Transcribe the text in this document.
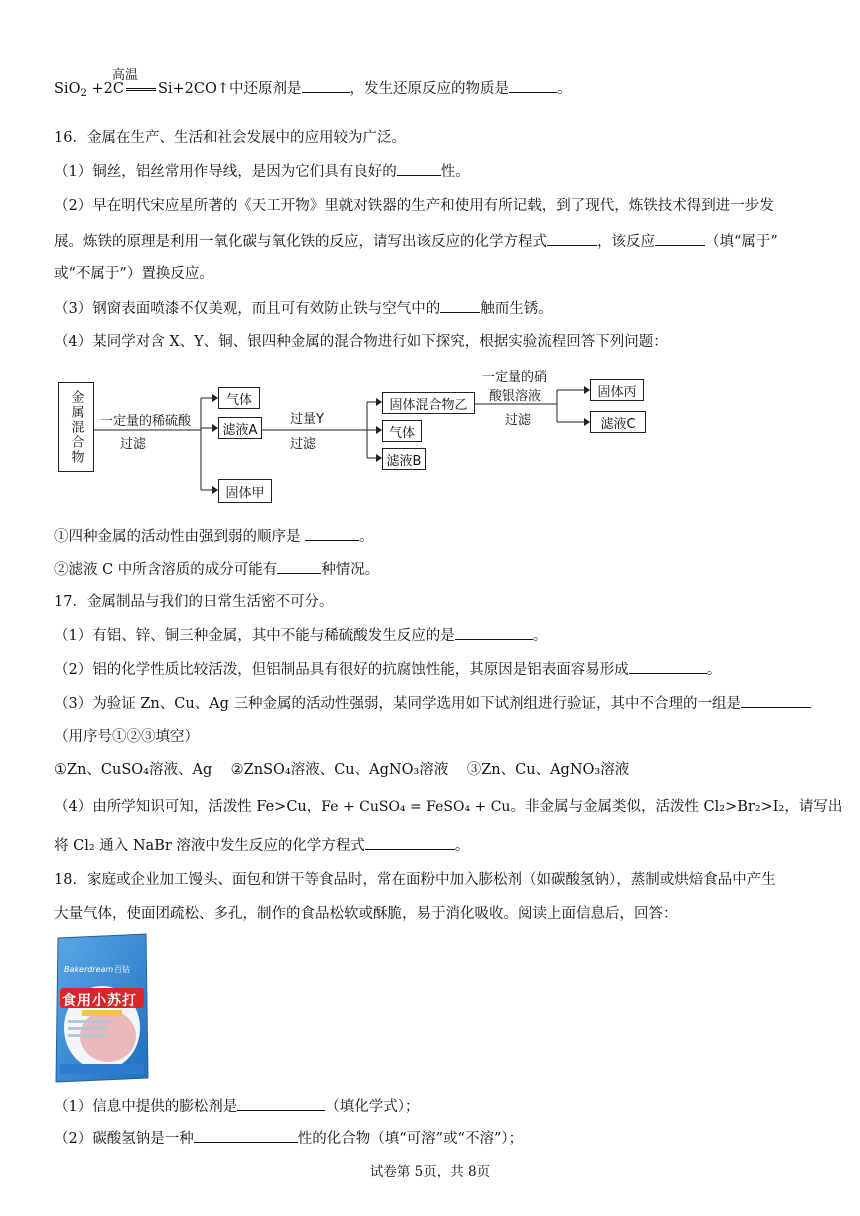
SiO$_2$ +2C Si+2CO↑中还原剂是	，发生还原反应的物质是	。
高温
16．金属在生产、生活和社会发展中的应用较为广泛。
（1）铜丝，铝丝常用作导线，是因为它们具有良好的	性。
（2）早在明代宋应星所著的《天工开物》里就对铁器的生产和使用有所记载，到了现代，炼铁技术得到进一步发
展。炼铁的原理是利用一氧化碳与氧化铁的反应，请写出该反应的化学方程式	，该反应	（填“属于”
或“不属于”）置换反应。
（3）钢窗表面喷漆不仅美观，而且可有效防止铁与空气中的	触而生锈。
（4）某同学对含 X、Y、铜、银四种金属的混合物进行如下探究，根据实验流程回答下列问题：
金属混合物 一定量的稀硫酸
过滤
气体
滤液A
固体甲
过量Y
过滤
固体混合物乙
气体
滤液B
一定量的硝
酸银溶液
过滤
固体丙
滤液C
①四种金属的活动性由强到弱的顺序是	。
②滤液 C 中所含溶质的成分可能有	种情况。
17．金属制品与我们的日常生活密不可分。
（1）有铝、锌、铜三种金属，其中不能与稀硫酸发生反应的是	。
（2）铝的化学性质比较活泼，但铝制品具有很好的抗腐蚀性能，其原因是铝表面容易形成	。
（3）为验证 Zn、Cu、Ag 三种金属的活动性强弱，某同学选用如下试剂组进行验证，其中不合理的一组是
（用序号①②③填空）
①Zn、CuSO₄溶液、Ag    ②ZnSO₄溶液、Cu、AgNO₃溶液    ③Zn、Cu、AgNO₃溶液
（4）由所学知识可知，活泼性 Fe>Cu，Fe + CuSO₄ = FeSO₄ + Cu。非金属与金属类似，活泼性 Cl₂>Br₂>I₂，请写出
将 Cl₂ 通入 NaBr 溶液中发生反应的化学方程式	。
18．家庭或企业加工馒头、面包和饼干等食品时，常在面粉中加入膨松剂（如碳酸氢钠），蒸制或烘焙食品中产生
大量气体，使面团疏松、多孔，制作的食品松软或酥脆，易于消化吸收。阅读上面信息后，回答：
Bakerdream 百钻
食用小苏打
（1）信息中提供的膨松剂是	（填化学式）；
（2）碳酸氢钠是一种	性的化合物（填“可溶”或“不溶”）；
试卷第 5页，共 8页
